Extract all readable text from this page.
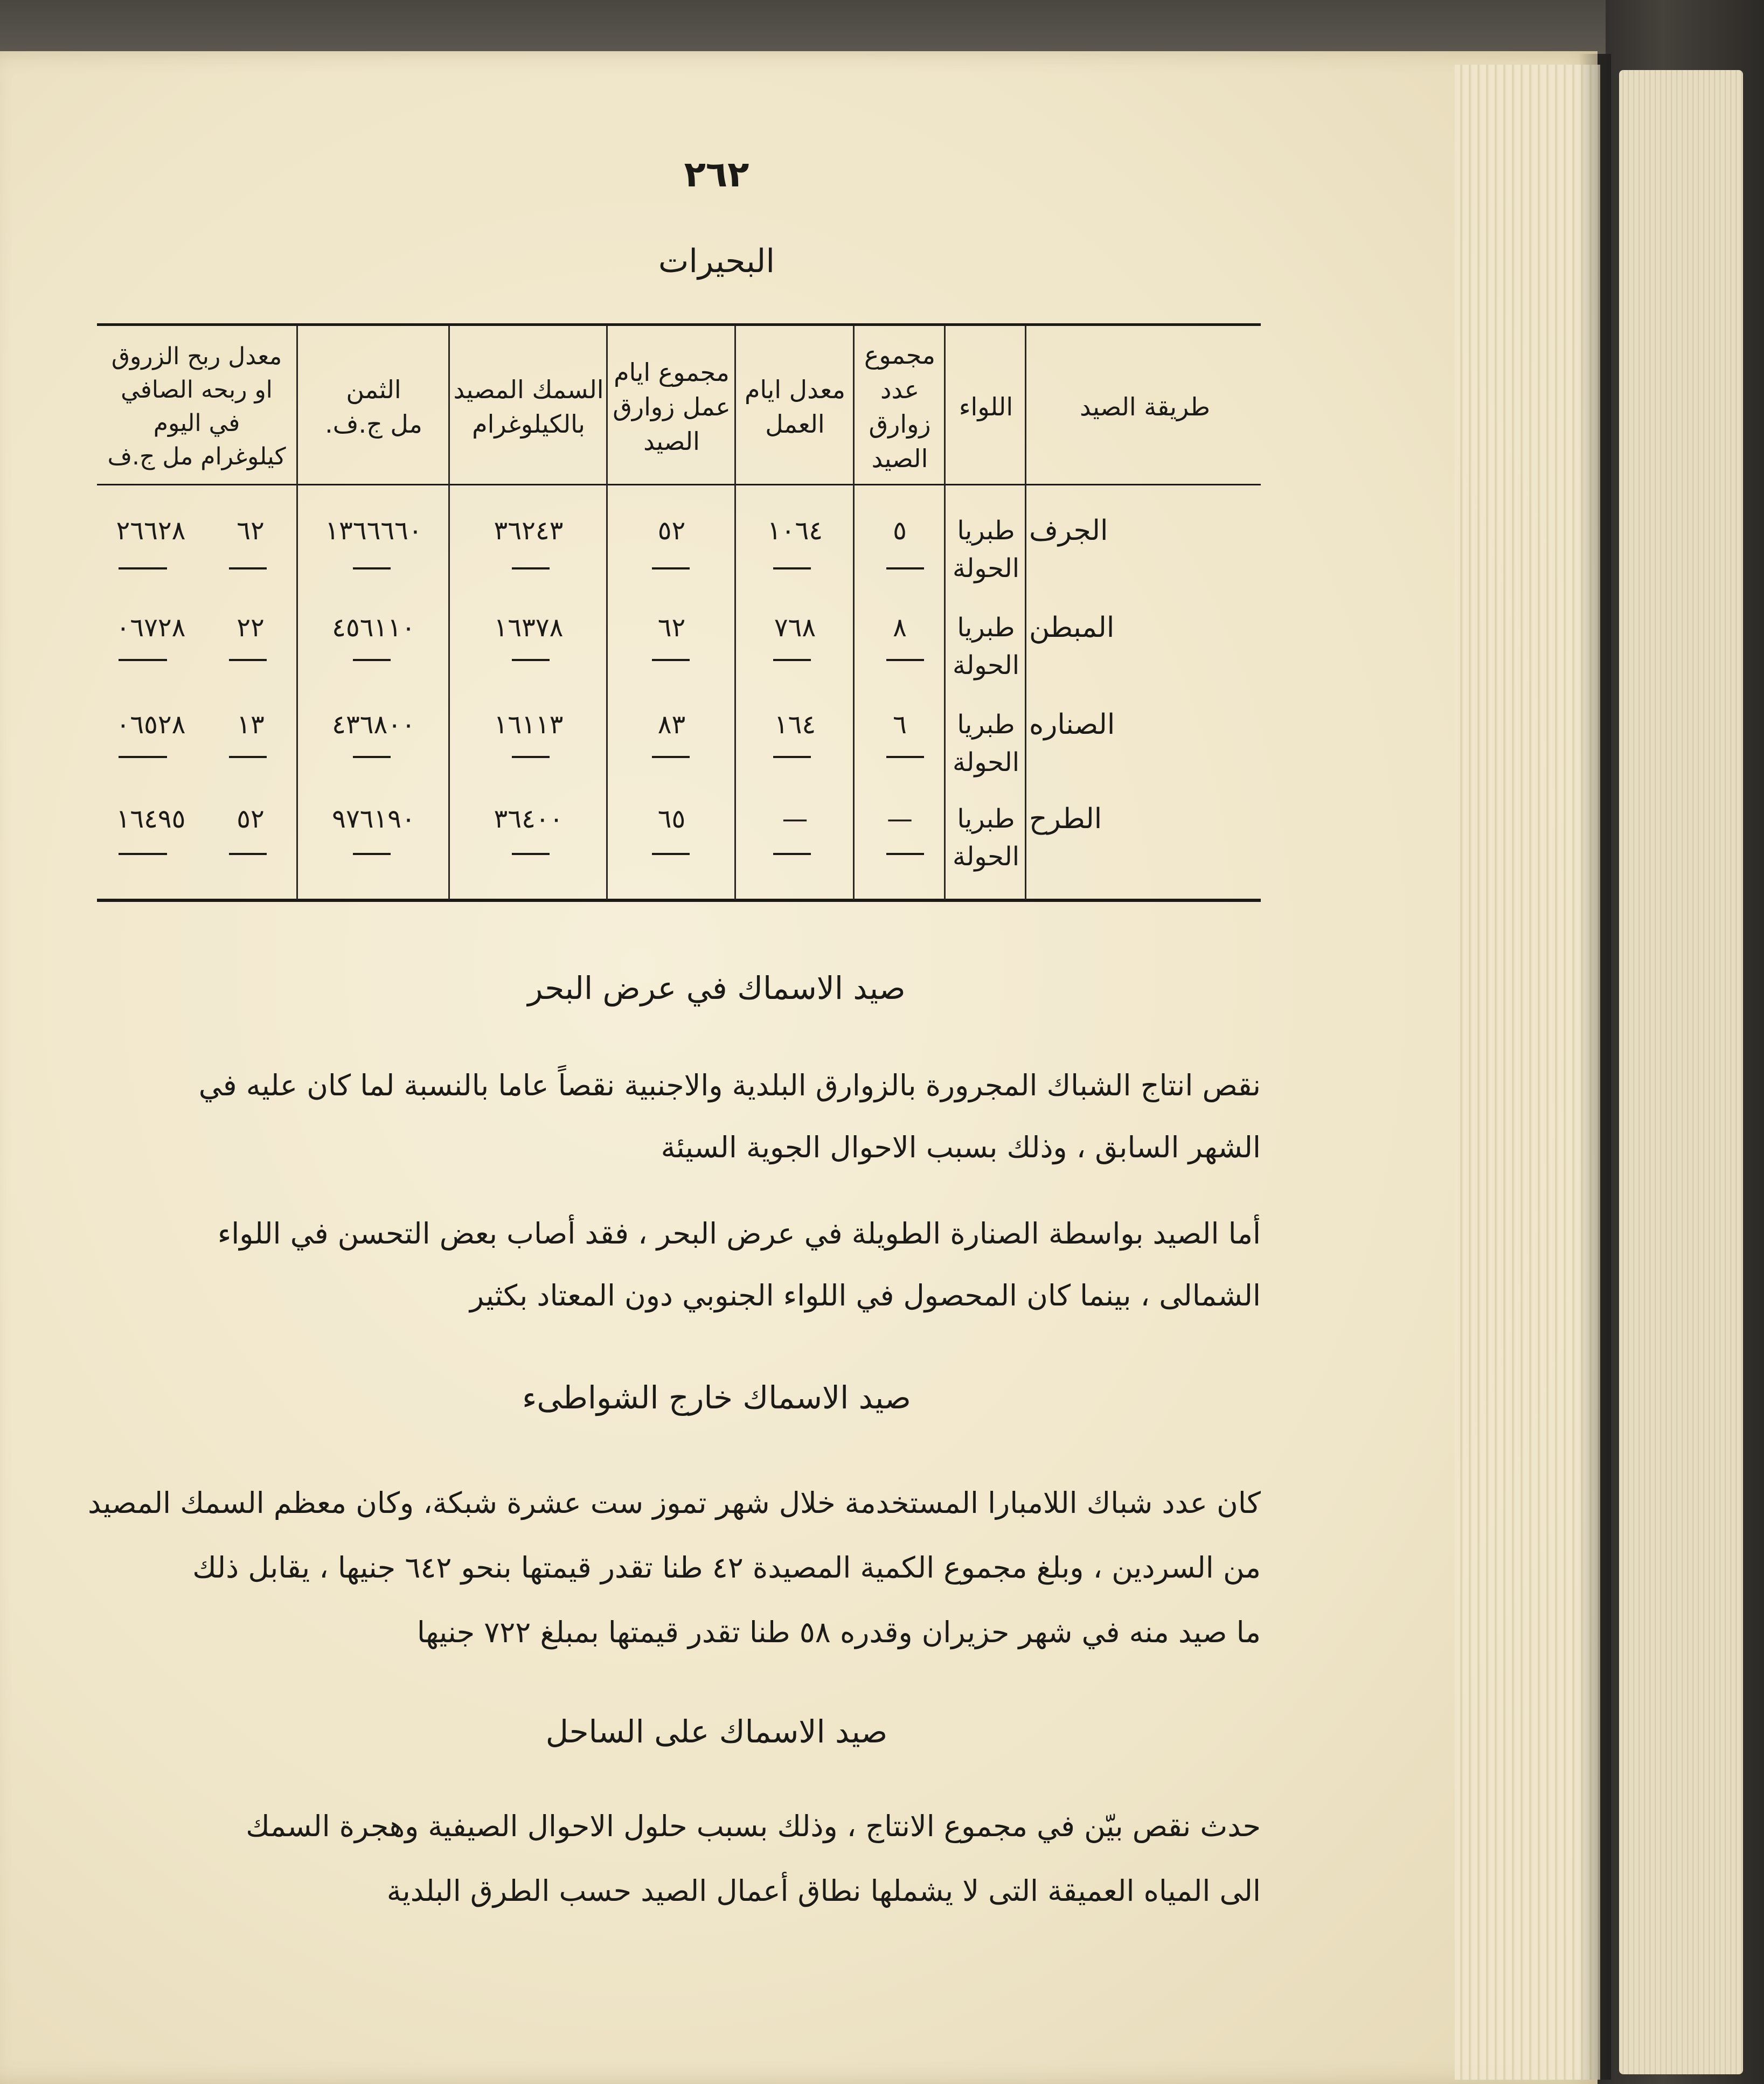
٢٦٢
البحيرات
طريقة الصيد
اللواء
مجموع
عدد
زوارق
الصيد
معدل ايام
العمل
مجموع ايام
عمل زوارق
الصيد
السمك المصيد
بالكيلوغرام
الثمن
مل ج.ف.
معدل ربح الزروق
او ربحه الصافي
في اليوم
كيلوغرام مل ج.ف
الجرف
طبريا
الحولة
٥
١٠٦٤
٥٢
٣٦٢٤٣
١٣٦٦٦٦٠
٦٢
٢٦٦٢٨
المبطن
طبريا
الحولة
٨
٧٦٨
٦٢
١٦٣٧٨
٤٥٦١١٠
٢٢
٠٦٧٢٨
الصناره
طبريا
الحولة
٦
١٦٤
٨٣
١٦١١٣
٤٣٦٨٠٠
١٣
٠٦٥٢٨
الطرح
طبريا
الحولة
—
—
٦٥
٣٦٤٠٠
٩٧٦١٩٠
٥٢
١٦٤٩٥
صيد الاسماك في عرض البحر
نقص انتاج الشباك المجرورة بالزوارق البلدية والاجنبية نقصاً عاما بالنسبة لما كان عليه في
الشهر السابق ، وذلك بسبب الاحوال الجوية السيئة
أما الصيد بواسطة الصنارة الطويلة في عرض البحر ، فقد أصاب بعض التحسن في اللواء
الشمالى ، بينما كان المحصول في اللواء الجنوبي دون المعتاد بكثير
صيد الاسماك خارج الشواطىء
كان عدد شباك اللامبارا المستخدمة خلال شهر تموز ست عشرة شبكة، وكان معظم السمك المصيد
من السردين ، وبلغ مجموع الكمية المصيدة ٤٢ طنا تقدر قيمتها بنحو ٦٤٢ جنيها ، يقابل ذلك
ما صيد منه في شهر حزيران وقدره ٥٨ طنا تقدر قيمتها بمبلغ ٧٢٢ جنيها
صيد الاسماك على الساحل
حدث نقص بيّن في مجموع الانتاج ، وذلك بسبب حلول الاحوال الصيفية وهجرة السمك
الى المياه العميقة التى لا يشملها نطاق أعمال الصيد حسب الطرق البلدية
